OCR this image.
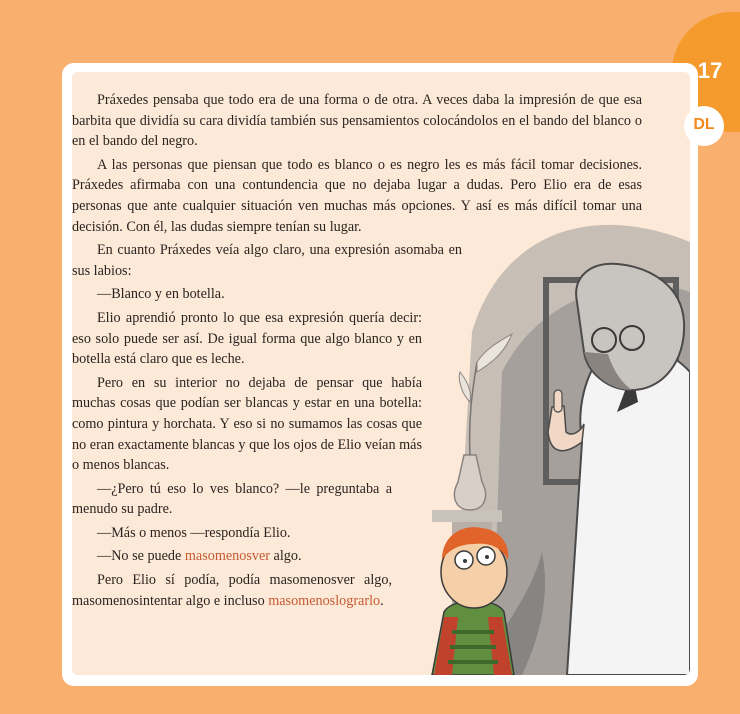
17
DL

Práxedes pensaba que todo era de una forma o de otra. A veces daba la impresión de que esa barbita que dividía su cara dividía también sus pensamientos colocándolos en el bando del blanco o en el bando del negro.

A las personas que piensan que todo es blanco o es negro les es más fácil tomar decisiones. Práxedes afirmaba con una contundencia que no dejaba lugar a dudas. Pero Elio era de esas personas que ante cualquier situación ven muchas más opciones. Y así es más difícil tomar una decisión. Con él, las dudas siempre tenían su lugar.

En cuanto Práxedes veía algo claro, una expresión asomaba en sus labios:

—Blanco y en botella.

Elio aprendió pronto lo que esa expresión quería decir: eso solo puede ser así. De igual forma que algo blanco y en botella está claro que es leche.

Pero en su interior no dejaba de pensar que había muchas cosas que podían ser blancas y estar en una botella: como pintura y horchata. Y eso si no sumamos las cosas que no eran exactamente blancas y que los ojos de Elio veían más o menos blancas.

—¿Pero tú eso lo ves blanco? —le preguntaba a menudo su padre.

—Más o menos —respondía Elio.

—No se puede masomenosver algo.

Pero Elio sí podía, podía masomenosver algo, masomenosintentar algo e incluso masomenoslograrlo.
